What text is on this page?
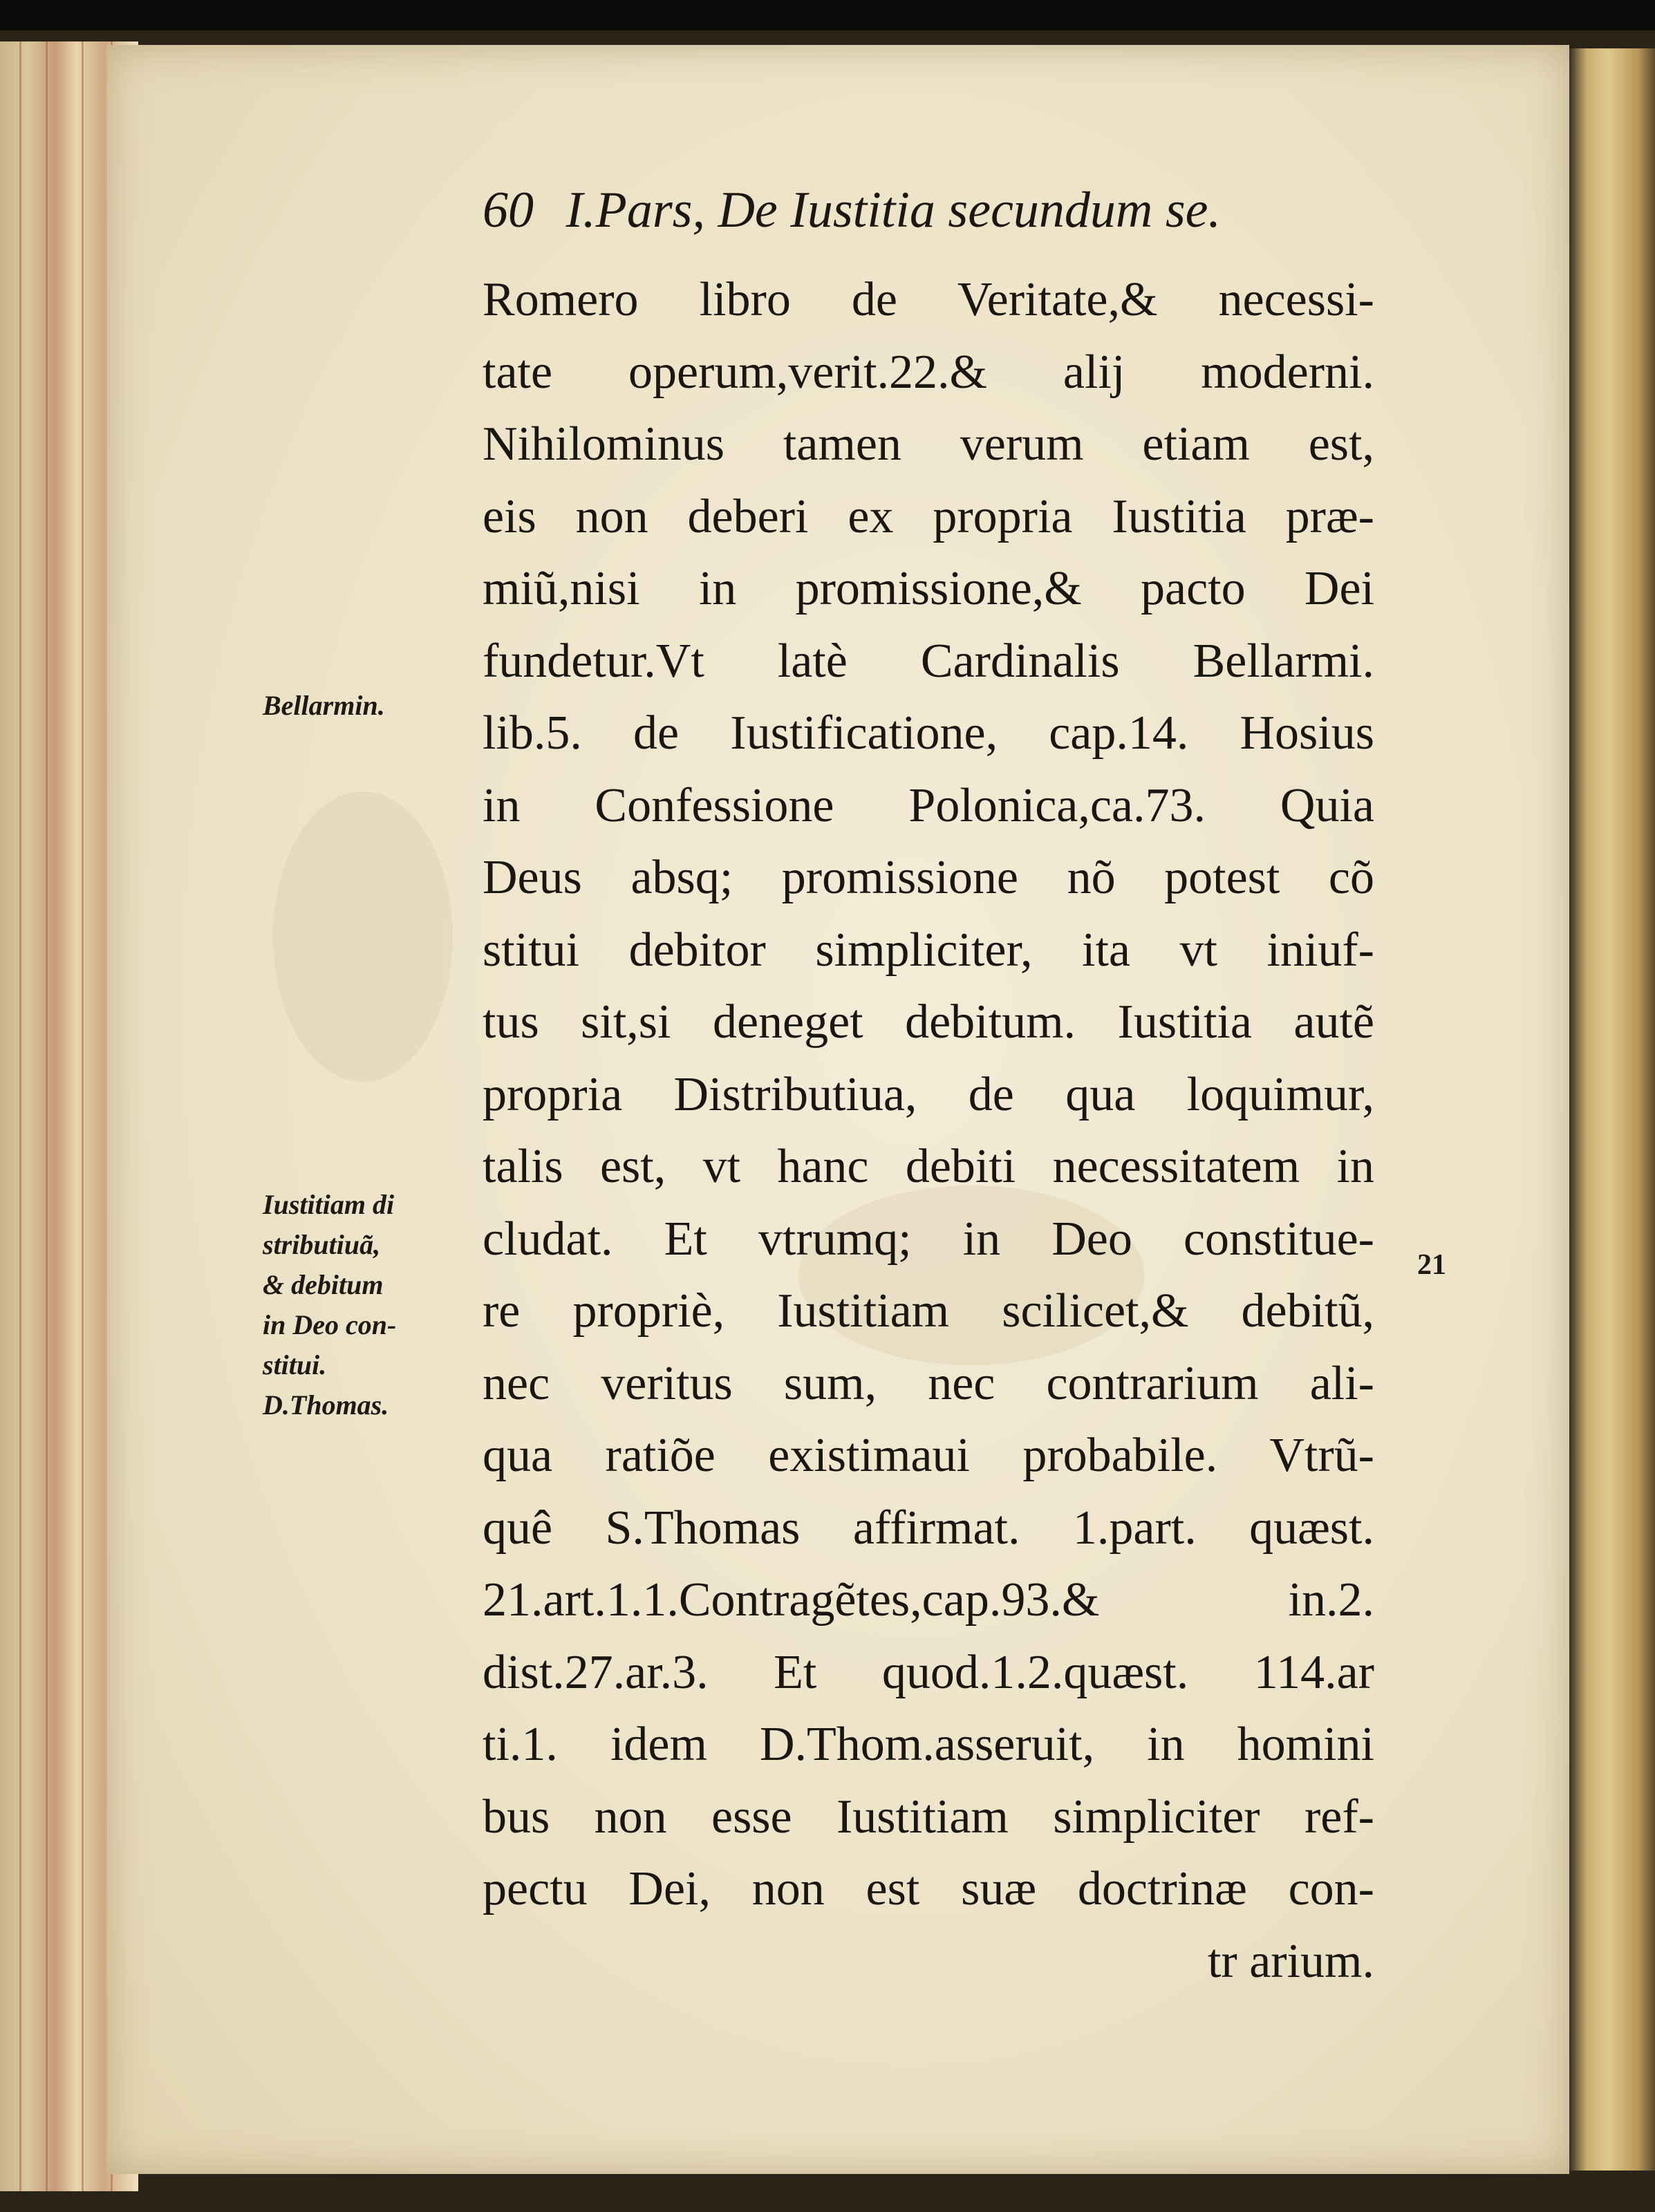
60 I.Pars, De Iustitia secundum se.
Romero libro de Veritate,& necessi-
tate operum,verit.22.& alij moderni.
Nihilominus tamen verum etiam est,
eis non deberi ex propria Iustitia præ-
miũ,nisi in promissione,& pacto Dei
fundetur.Vt latè Cardinalis Bellarmi.
lib.5. de Iustificatione, cap.14. Hosius
in Confessione Polonica,ca.73. Quia
Deus absq; promissione nõ potest cõ
stitui debitor simpliciter, ita vt iniuf-
tus sit,si deneget debitum. Iustitia autẽ
propria Distributiua, de qua loquimur,
talis est, vt hanc debiti necessitatem in
cludat. Et vtrumq; in Deo constitue-
re propriè, Iustitiam scilicet,& debitũ,
nec veritus sum, nec contrarium ali-
qua ratiõe existimaui probabile. Vtrũ-
quê S.Thomas affirmat. 1.part. quæst.
21.art.1.1.Contragẽtes,cap.93.& in.2.
dist.27.ar.3. Et quod.1.2.quæst. 114.ar
ti.1. idem D.Thom.asseruit, in homini
bus non esse Iustitiam simpliciter ref-
pectu Dei, non est suæ doctrinæ con-
tr arium.
Bellarmin.
Iustitiam di
stributiuã,
& debitum
in Deo con-
stitui.
D.Thomas.
21
